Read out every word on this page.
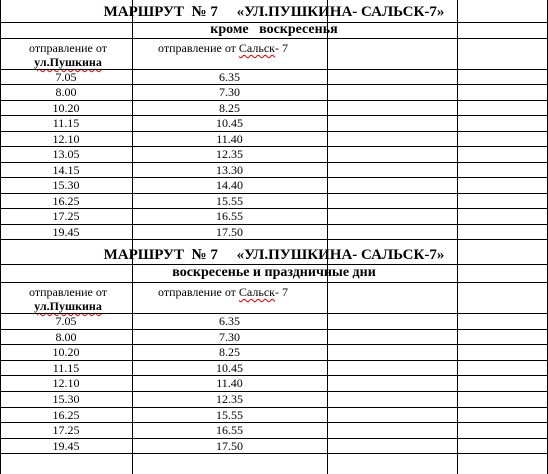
МАРШРУТ  № 7     «УЛ.ПУШКИНА- САЛЬСК-7»
кроме   воскресенья
отправление от
ул.Пушкина
отправление от Сальск- 7
7.05	6.35
8.00	7.30
10.20	8.25
11.15	10.45
12.10	11.40
13.05	12.35
14.15	13.30
15.30	14.40
16.25	15.55
17.25	16.55
19.45	17.50
МАРШРУТ  № 7     «УЛ.ПУШКИНА- САЛЬСК-7»
воскресенье и праздничные дни
отправление от
ул.Пушкина
отправление от Сальск- 7
7.05	6.35
8.00	7.30
10.20	8.25
11.15	10.45
12.10	11.40
15.30	12.35
16.25	15.55
17.25	16.55
19.45	17.50
